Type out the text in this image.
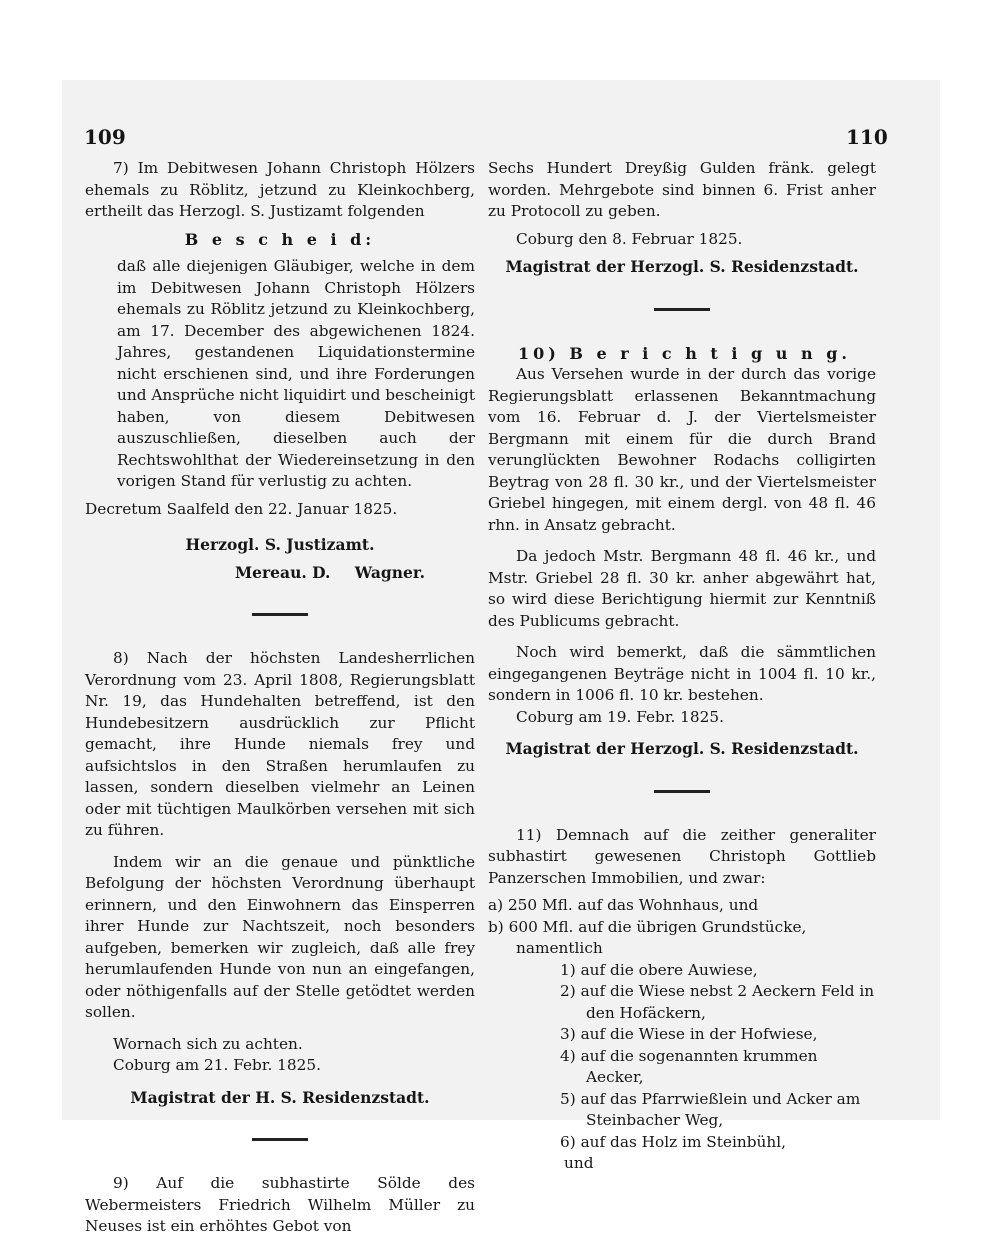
109

7) Im Debitwesen Johann Christoph Hölzers ehemals zu Röblitz, jetzund zu Kleinkochberg, ertheilt das Herzogl. S. Justizamt folgenden

B e s c h e i d:

daß alle diejenigen Gläubiger, welche in dem im Debitwesen Johann Christoph Hölzers ehemals zu Röblitz jetzund zu Kleinkochberg, am 17. December des abgewichenen 1824. Jahres, gestandenen Liquidationstermine nicht erschienen sind, und ihre Forderungen und Ansprüche nicht liquidirt und bescheinigt haben, von diesem Debitwesen auszuschließen, dieselben auch der Rechtswohlthat der Wiedereinsetzung in den vorigen Stand für verlustig zu achten.

Decretum Saalfeld den 22. Januar 1825.

Herzogl. S. Justizamt.

Mereau. D. Wagner.

8) Nach der höchsten Landesherrlichen Verordnung vom 23. April 1808, Regierungsblatt Nr. 19, das Hundehalten betreffend, ist den Hundebesitzern ausdrücklich zur Pflicht gemacht, ihre Hunde niemals frey und aufsichtslos in den Straßen herumlaufen zu lassen, sondern dieselben vielmehr an Leinen oder mit tüchtigen Maulkörben versehen mit sich zu führen.

Indem wir an die genaue und pünktliche Befolgung der höchsten Verordnung überhaupt erinnern, und den Einwohnern das Einsperren ihrer Hunde zur Nachtszeit, noch besonders aufgeben, bemerken wir zugleich, daß alle frey herumlaufenden Hunde von nun an eingefangen, oder nöthigenfalls auf der Stelle getödtet werden sollen.

Wornach sich zu achten.

Coburg am 21. Febr. 1825.

Magistrat der H. S. Residenzstadt.

9) Auf die subhastirte Sölde des Webermeisters Friedrich Wilhelm Müller zu Neuses ist ein erhöhtes Gebot von

110

Sechs Hundert Dreyßig Gulden fränk. gelegt worden. Mehrgebote sind binnen 6. Frist anher zu Protocoll zu geben.

Coburg den 8. Februar 1825.

Magistrat der Herzogl. S. Residenzstadt.

10) B e r i c h t i g u n g.

Aus Versehen wurde in der durch das vorige Regierungsblatt erlassenen Bekanntmachung vom 16. Februar d. J. der Viertelsmeister Bergmann mit einem für die durch Brand verunglückten Bewohner Rodachs colligirten Beytrag von 28 fl. 30 kr., und der Viertelsmeister Griebel hingegen, mit einem dergl. von 48 fl. 46 rhn. in Ansatz gebracht.

Da jedoch Mstr. Bergmann 48 fl. 46 kr., und Mstr. Griebel 28 fl. 30 kr. anher abgewährt hat, so wird diese Berichtigung hiermit zur Kenntniß des Publicums gebracht.

Noch wird bemerkt, daß die sämmtlichen eingegangenen Beyträge nicht in 1004 fl. 10 kr., sondern in 1006 fl. 10 kr. bestehen.

Coburg am 19. Febr. 1825.

Magistrat der Herzogl. S. Residenzstadt.

11) Demnach auf die zeither generaliter subhastirt gewesenen Christoph Gottlieb Panzerschen Immobilien, und zwar:

a) 250 Mfl. auf das Wohnhaus, und

b) 600 Mfl. auf die übrigen Grundstücke, namentlich

1) auf die obere Auwiese,

2) auf die Wiese nebst 2 Aeckern Feld in den Hofäckern,

3) auf die Wiese in der Hofwiese,

4) auf die sogenannten krummen Aecker,

5) auf das Pfarrwießlein und Acker am Steinbacher Weg,

6) auf das Holz im Steinbühl,

und
